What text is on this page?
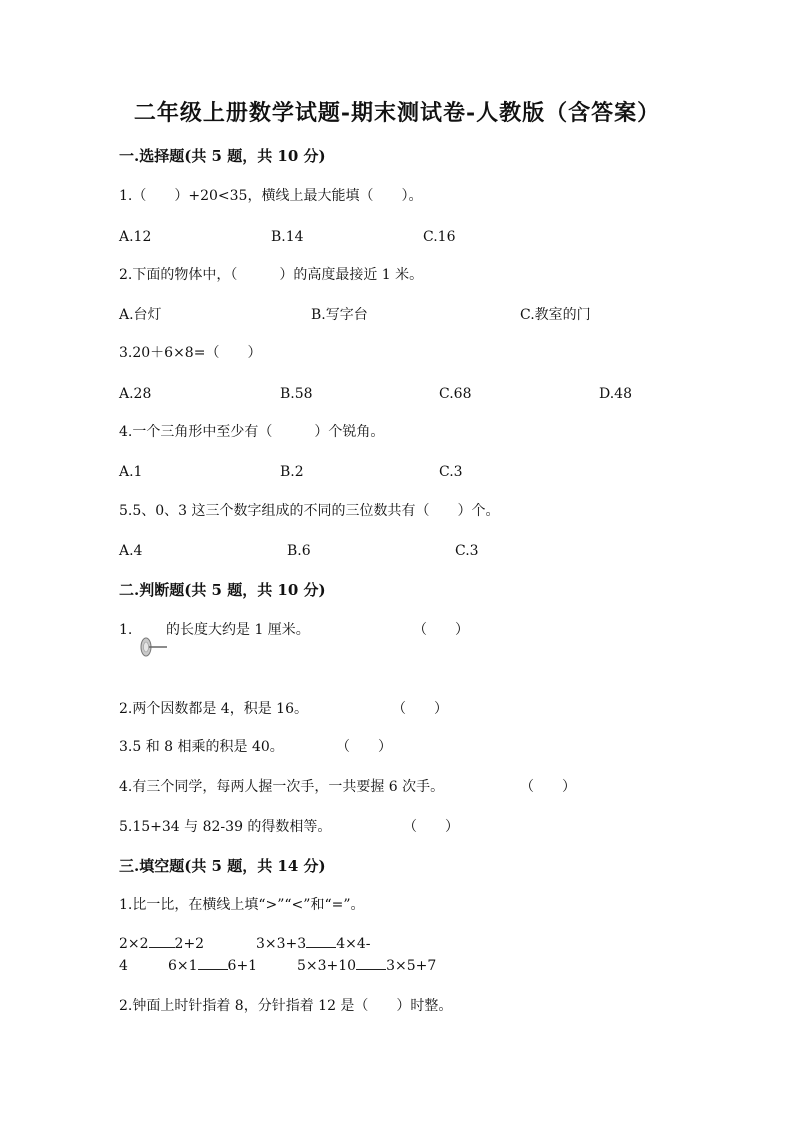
二年级上册数学试题-期末测试卷-人教版（含答案）
一.选择题(共 5 题，共 10 分)
1.（　　）+20<35，横线上最大能填（　　）。
A.12	B.14	C.16
2.下面的物体中，（　　　）的高度最接近 1 米。
A.台灯	B.写字台	C.教室的门
3.20＋6×8=（　　）
A.28	B.58	C.68	D.48
4.一个三角形中至少有（　　　）个锐角。
A.1	B.2	C.3
5.5、0、3 这三个数字组成的不同的三位数共有（　　）个。
A.4	B.6	C.3
二.判断题(共 5 题，共 10 分)
1. 的长度大约是 1 厘米。	（　　）
2.两个因数都是 4，积是 16。	（　　）
3.5 和 8 相乘的积是 40。	（　　）
4.有三个同学，每两人握一次手，一共要握 6 次手。	（　　）
5.15+34 与 82-39 的得数相等。	（　　）
三.填空题(共 5 题，共 14 分)
1.比一比，在横线上填“>”“<”和“=”。
2×2 2+2	3×3+3 4×4-
4	6×1 6+1	5×3+10 3×5+7
2.钟面上时针指着 8，分针指着 12 是（　　）时整。
